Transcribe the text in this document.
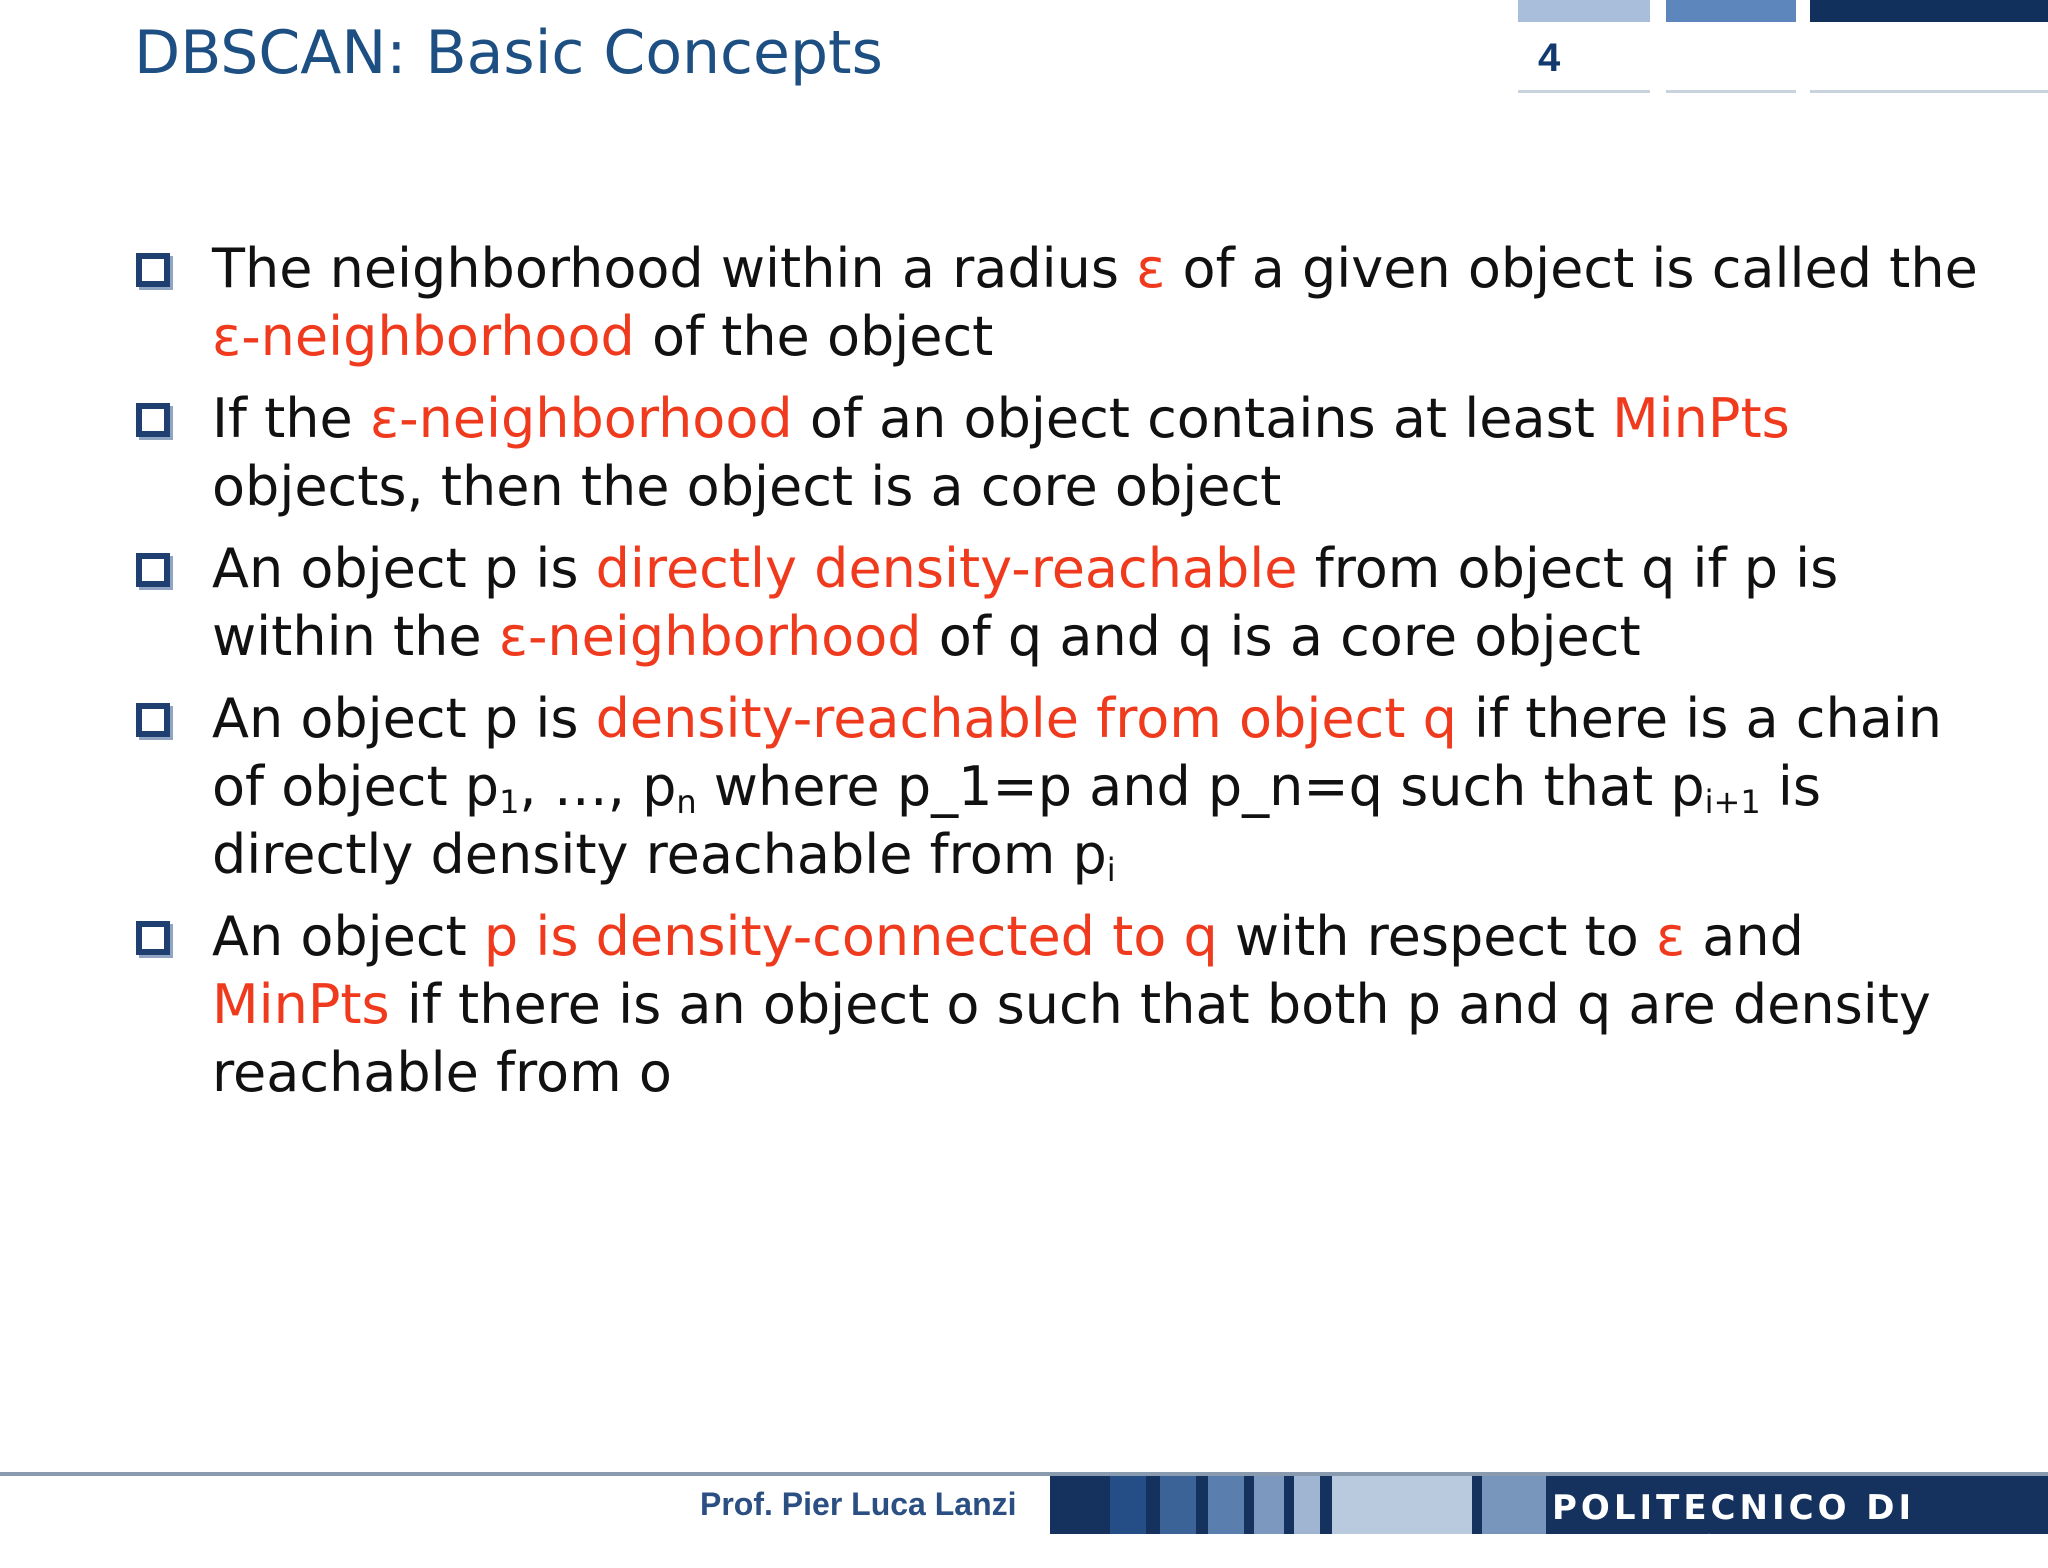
DBSCAN: Basic Concepts	4
The neighborhood within a radius ε of a given object is called the ε-neighborhood of the object
If the ε-neighborhood of an object contains at least MinPts objects, then the object is a core object
An object p is directly density-reachable from object q if p is within the ε-neighborhood of q and q is a core object
An object p is density-reachable from object q if there is a chain of object $p_1$, …, $p_n$ where p_1=p and p_n=q such that $p_{i+1}$ is directly density reachable from $p_i$
An object p is density-connected to q with respect to ε and MinPts if there is an object o such that both p and q are density reachable from o
Prof. Pier Luca Lanzi	POLITECNICO DI MILANO
